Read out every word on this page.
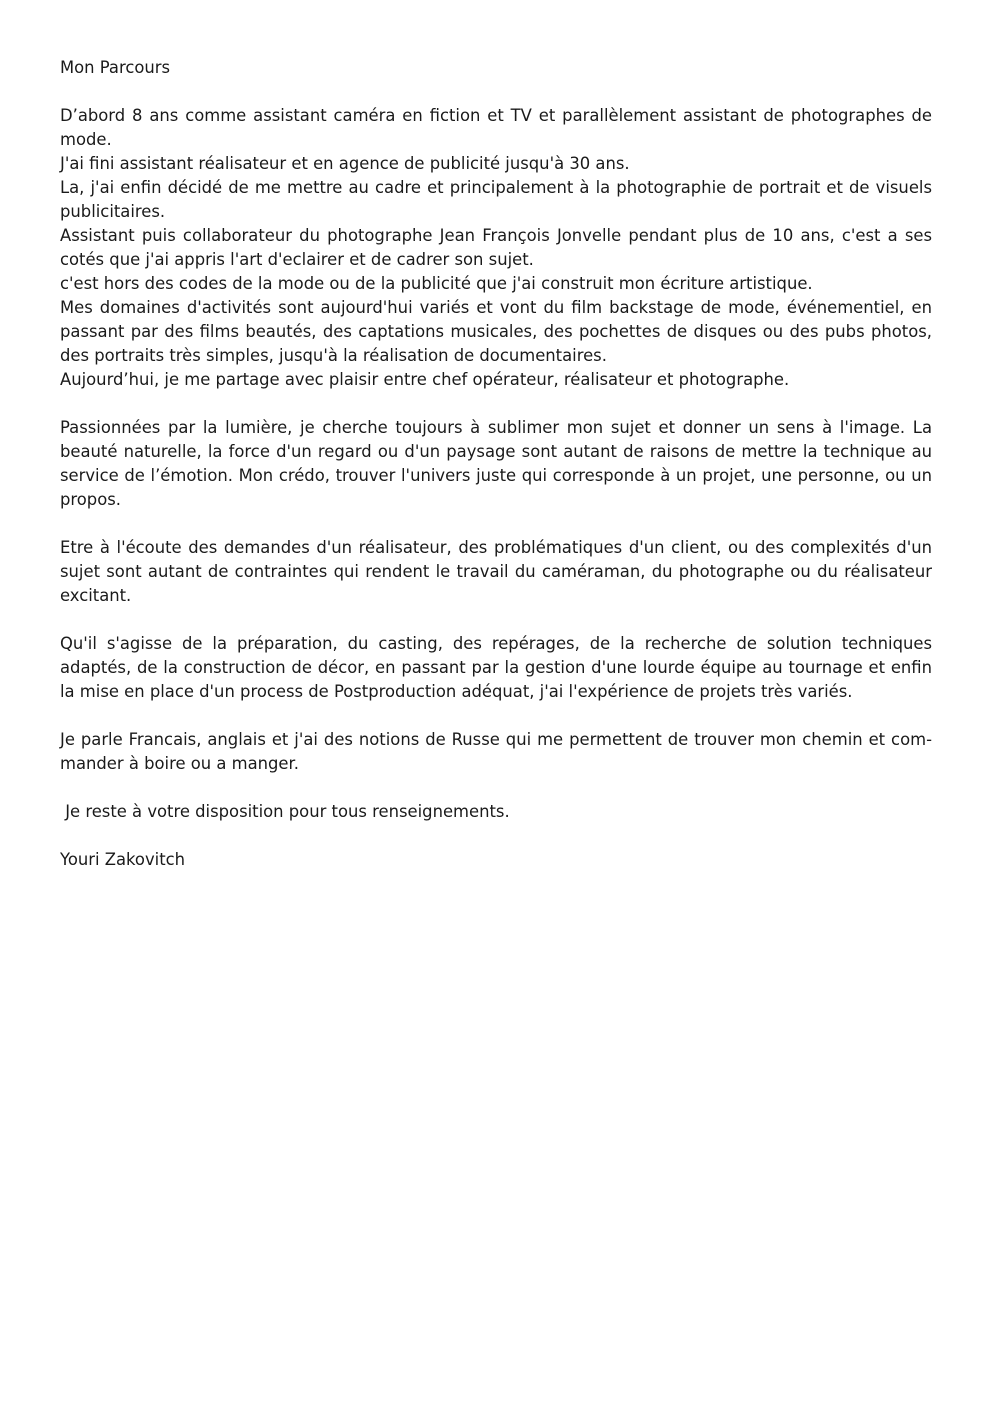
Mon Parcours

D’abord 8 ans comme assistant caméra en fiction et TV et parallèlement assistant de photographes de mode.
J'ai fini assistant réalisateur et en agence de publicité jusqu'à 30 ans.
La, j'ai enfin décidé de me mettre au cadre et principalement à la photographie de portrait et de visuels publicitaires.
Assistant puis collaborateur du photographe Jean François Jonvelle pendant plus de 10 ans, c'est a ses cotés que j'ai appris l'art d'eclairer et de cadrer son sujet.
c'est hors des codes de la mode ou de la publicité que j'ai construit mon écriture artistique.
Mes domaines d'activités sont aujourd'hui variés et vont du film backstage de mode, événementiel, en passant par des films beautés, des captations musicales, des pochettes de disques ou des pubs photos, des portraits très simples, jusqu'à la réalisation de documentaires.
Aujourd’hui, je me partage avec plaisir entre chef opérateur, réalisateur et photographe.

Passionnées par la lumière, je cherche toujours à sublimer mon sujet et donner un sens à l'image. La beauté naturelle, la force d'un regard ou d'un paysage sont autant de raisons de mettre la technique au service de l’émotion. Mon crédo, trouver l'univers juste qui corresponde à un projet, une personne, ou un propos.

Etre à l'écoute des demandes d'un réalisateur, des problématiques d'un client, ou des complexités d'un sujet sont autant de contraintes qui rendent le travail du caméraman, du photographe ou du réalisateur excitant.

Qu'il s'agisse de la préparation, du casting, des repérages, de la recherche de solution techniques adaptés, de la construction de décor, en passant par la gestion d'une lourde équipe au tournage et enfin la mise en place d'un process de Postproduction adéquat, j'ai l'expérience de projets très variés.

Je parle Francais, anglais et j'ai des notions de Russe qui me permettent de trouver mon chemin et commander à boire ou a manger.

Je reste à votre disposition pour tous renseignements.

Youri Zakovitch
